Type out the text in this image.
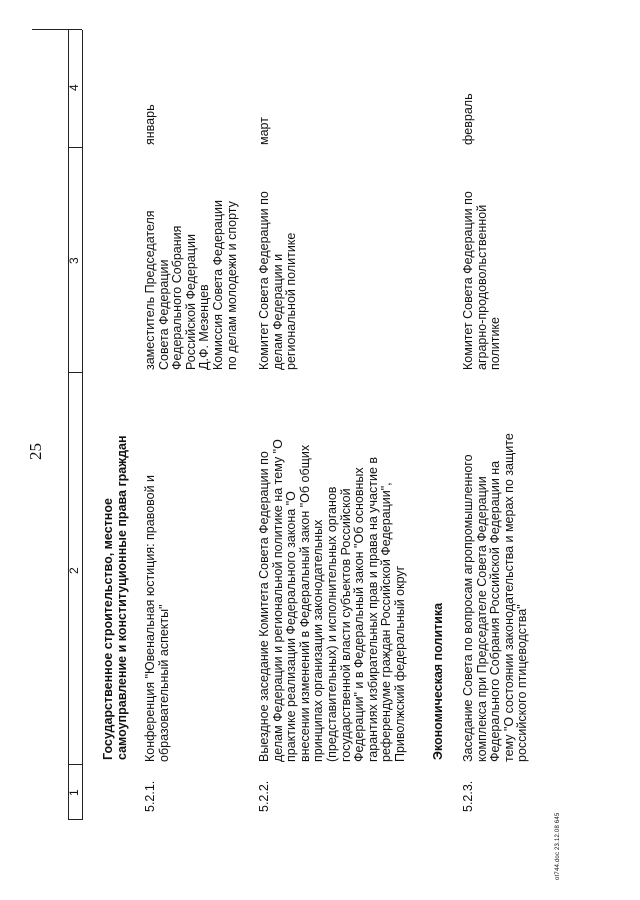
25
1
2
3
4
Государственное строительство, местное самоуправление и конституционные права граждан
5.2.1.
Конференция "Ювенальная юстиция: правовой и образовательный аспекты"
заместитель Председателя Совета Федерации Федерального Собрания Российской Федерации Д.Ф. Мезенцев Комиссия Совета Федерации по делам молодежи и спорту
январь
5.2.2.
Выездное заседание Комитета Совета Федерации по делам Федерации и региональной политике на тему "О практике реализации Федерального закона "О внесении изменений в Федеральный закон "Об общих принципах организации законодательных (представительных) и исполнительных органов государственной власти субъектов Российской Федерации" и в Федеральный закон "Об основных гарантиях избирательных прав и права на участие в референдуме граждан Российской Федерации", Приволжский федеральный округ
Комитет Совета Федерации по делам Федерации и региональной политике
март
Экономическая политика
5.2.3.
Заседание Совета по вопросам агропромышленного комплекса при Председателе Совета Федерации Федерального Собрания Российской Федерации на тему "О состоянии законодательства и мерах по защите российского птицеводства"
Комитет Совета Федерации по аграрно-продовольственной политике
февраль
ot744.doc 23.12.08 645
